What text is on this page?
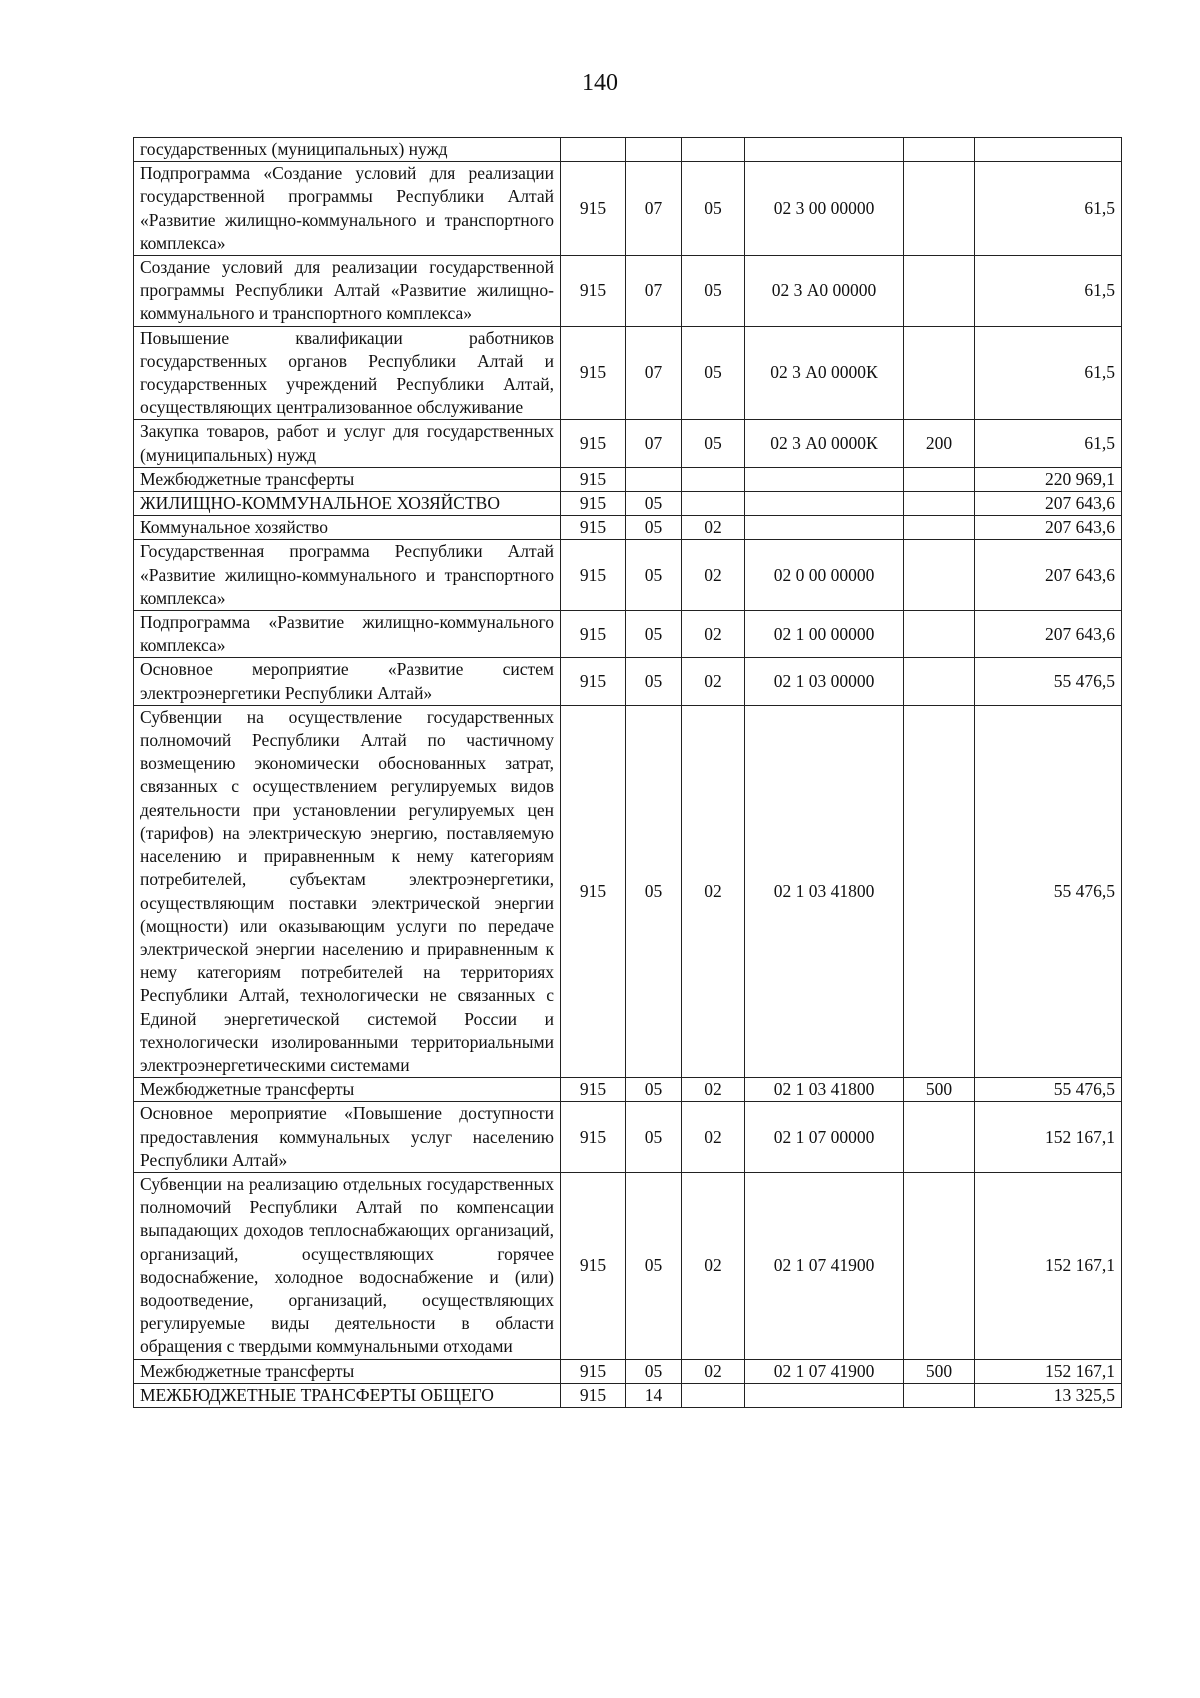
140
государственных (муниципальных) нужд						
Подпрограмма «Создание условий для реализации государственной программы Республики Алтай «Развитие жилищно-коммунального и транспортного комплекса»	915	07	05	02 3 00 00000		61,5
Создание условий для реализации государственной программы Республики Алтай «Развитие жилищно-коммунального и транспортного комплекса»	915	07	05	02 3 А0 00000		61,5
Повышение квалификации работников государственных органов Республики Алтай и государственных учреждений Республики Алтай, осуществляющих централизованное обслуживание	915	07	05	02 3 А0 0000К		61,5
Закупка товаров, работ и услуг для государственных (муниципальных) нужд	915	07	05	02 3 А0 0000К	200	61,5
Межбюджетные трансферты	915					220 969,1
ЖИЛИЩНО-КОММУНАЛЬНОЕ ХОЗЯЙСТВО	915	05				207 643,6
Коммунальное хозяйство	915	05	02			207 643,6
Государственная программа Республики Алтай «Развитие жилищно-коммунального и транспортного комплекса»	915	05	02	02 0 00 00000		207 643,6
Подпрограмма «Развитие жилищно-коммунального комплекса»	915	05	02	02 1 00 00000		207 643,6
Основное мероприятие «Развитие систем электроэнергетики Республики Алтай»	915	05	02	02 1 03 00000		55 476,5
Субвенции на осуществление государственных полномочий Республики Алтай по частичному возмещению экономически обоснованных затрат, связанных с осуществлением регулируемых видов деятельности при установлении регулируемых цен (тарифов) на электрическую энергию, поставляемую населению и приравненным к нему категориям потребителей, субъектам электроэнергетики, осуществляющим поставки электрической энергии (мощности) или оказывающим услуги по передаче электрической энергии населению и приравненным к нему категориям потребителей на территориях Республики Алтай, технологически не связанных с Единой энергетической системой России и технологически изолированными территориальными электроэнергетическими системами	915	05	02	02 1 03 41800		55 476,5
Межбюджетные трансферты	915	05	02	02 1 03 41800	500	55 476,5
Основное мероприятие «Повышение доступности предоставления коммунальных услуг населению Республики Алтай»	915	05	02	02 1 07 00000		152 167,1
Субвенции на реализацию отдельных государственных полномочий Республики Алтай по компенсации выпадающих доходов теплоснабжающих организаций, организаций, осуществляющих горячее водоснабжение, холодное водоснабжение и (или) водоотведение, организаций, осуществляющих регулируемые виды деятельности в области обращения с твердыми коммунальными отходами	915	05	02	02 1 07 41900		152 167,1
Межбюджетные трансферты	915	05	02	02 1 07 41900	500	152 167,1
МЕЖБЮДЖЕТНЫЕ ТРАНСФЕРТЫ ОБЩЕГО	915	14				13 325,5
